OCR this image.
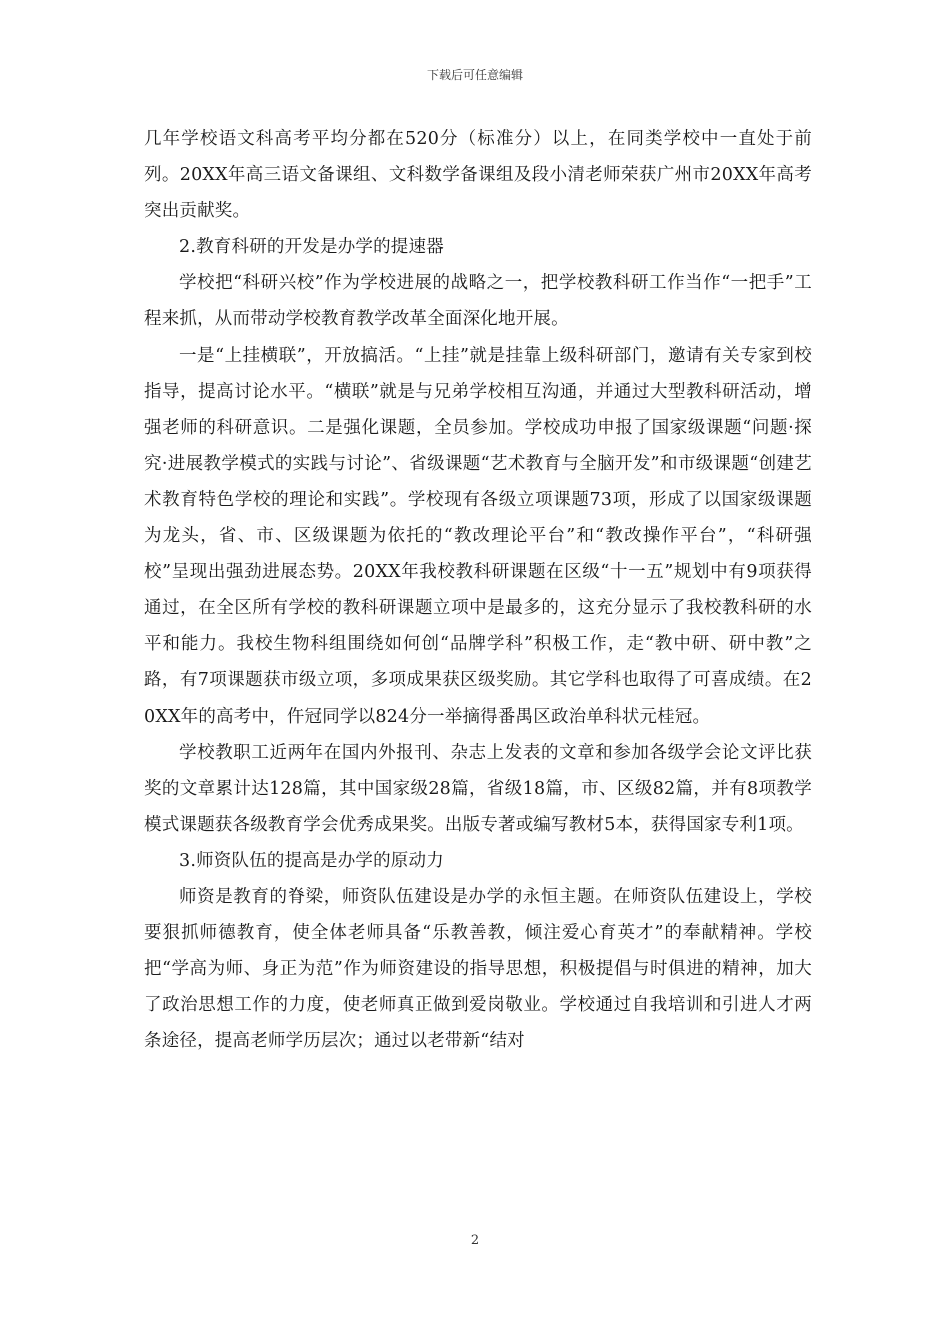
下载后可任意编辑

几年学校语文科高考平均分都在520分（标准分）以上，在同类学校中一直处于前列。20XX年高三语文备课组、文科数学备课组及段小清老师荣获广州市20XX年高考突出贡献奖。

2.教育科研的开发是办学的提速器

学校把“科研兴校”作为学校进展的战略之一，把学校教科研工作当作“一把手”工程来抓，从而带动学校教育教学改革全面深化地开展。

一是“上挂横联”，开放搞活。“上挂”就是挂靠上级科研部门，邀请有关专家到校指导，提高讨论水平。“横联”就是与兄弟学校相互沟通，并通过大型教科研活动，增强老师的科研意识。二是强化课题，全员参加。学校成功申报了国家级课题“问题·探究·进展教学模式的实践与讨论”、省级课题“艺术教育与全脑开发”和市级课题“创建艺术教育特色学校的理论和实践”。学校现有各级立项课题73项，形成了以国家级课题为龙头，省、市、区级课题为依托的“教改理论平台”和“教改操作平台”，“科研强校”呈现出强劲进展态势。20XX年我校教科研课题在区级“十一五”规划中有9项获得通过，在全区所有学校的教科研课题立项中是最多的，这充分显示了我校教科研的水平和能力。我校生物科组围绕如何创“品牌学科”积极工作，走“教中研、研中教”之路，有7项课题获市级立项，多项成果获区级奖励。其它学科也取得了可喜成绩。在20XX年的高考中，仵冠同学以824分一举摘得番禺区政治单科状元桂冠。

学校教职工近两年在国内外报刊、杂志上发表的文章和参加各级学会论文评比获奖的文章累计达128篇，其中国家级28篇，省级18篇，市、区级82篇，并有8项教学模式课题获各级教育学会优秀成果奖。出版专著或编写教材5本，获得国家专利1项。

3.师资队伍的提高是办学的原动力

师资是教育的脊梁，师资队伍建设是办学的永恒主题。在师资队伍建设上，学校要狠抓师德教育，使全体老师具备“乐教善教，倾注爱心育英才”的奉献精神。学校把“学高为师、身正为范”作为师资建设的指导思想，积极提倡与时俱进的精神，加大了政治思想工作的力度，使老师真正做到爱岗敬业。学校通过自我培训和引进人才两条途径，提高老师学历层次；通过以老带新“结对

2
